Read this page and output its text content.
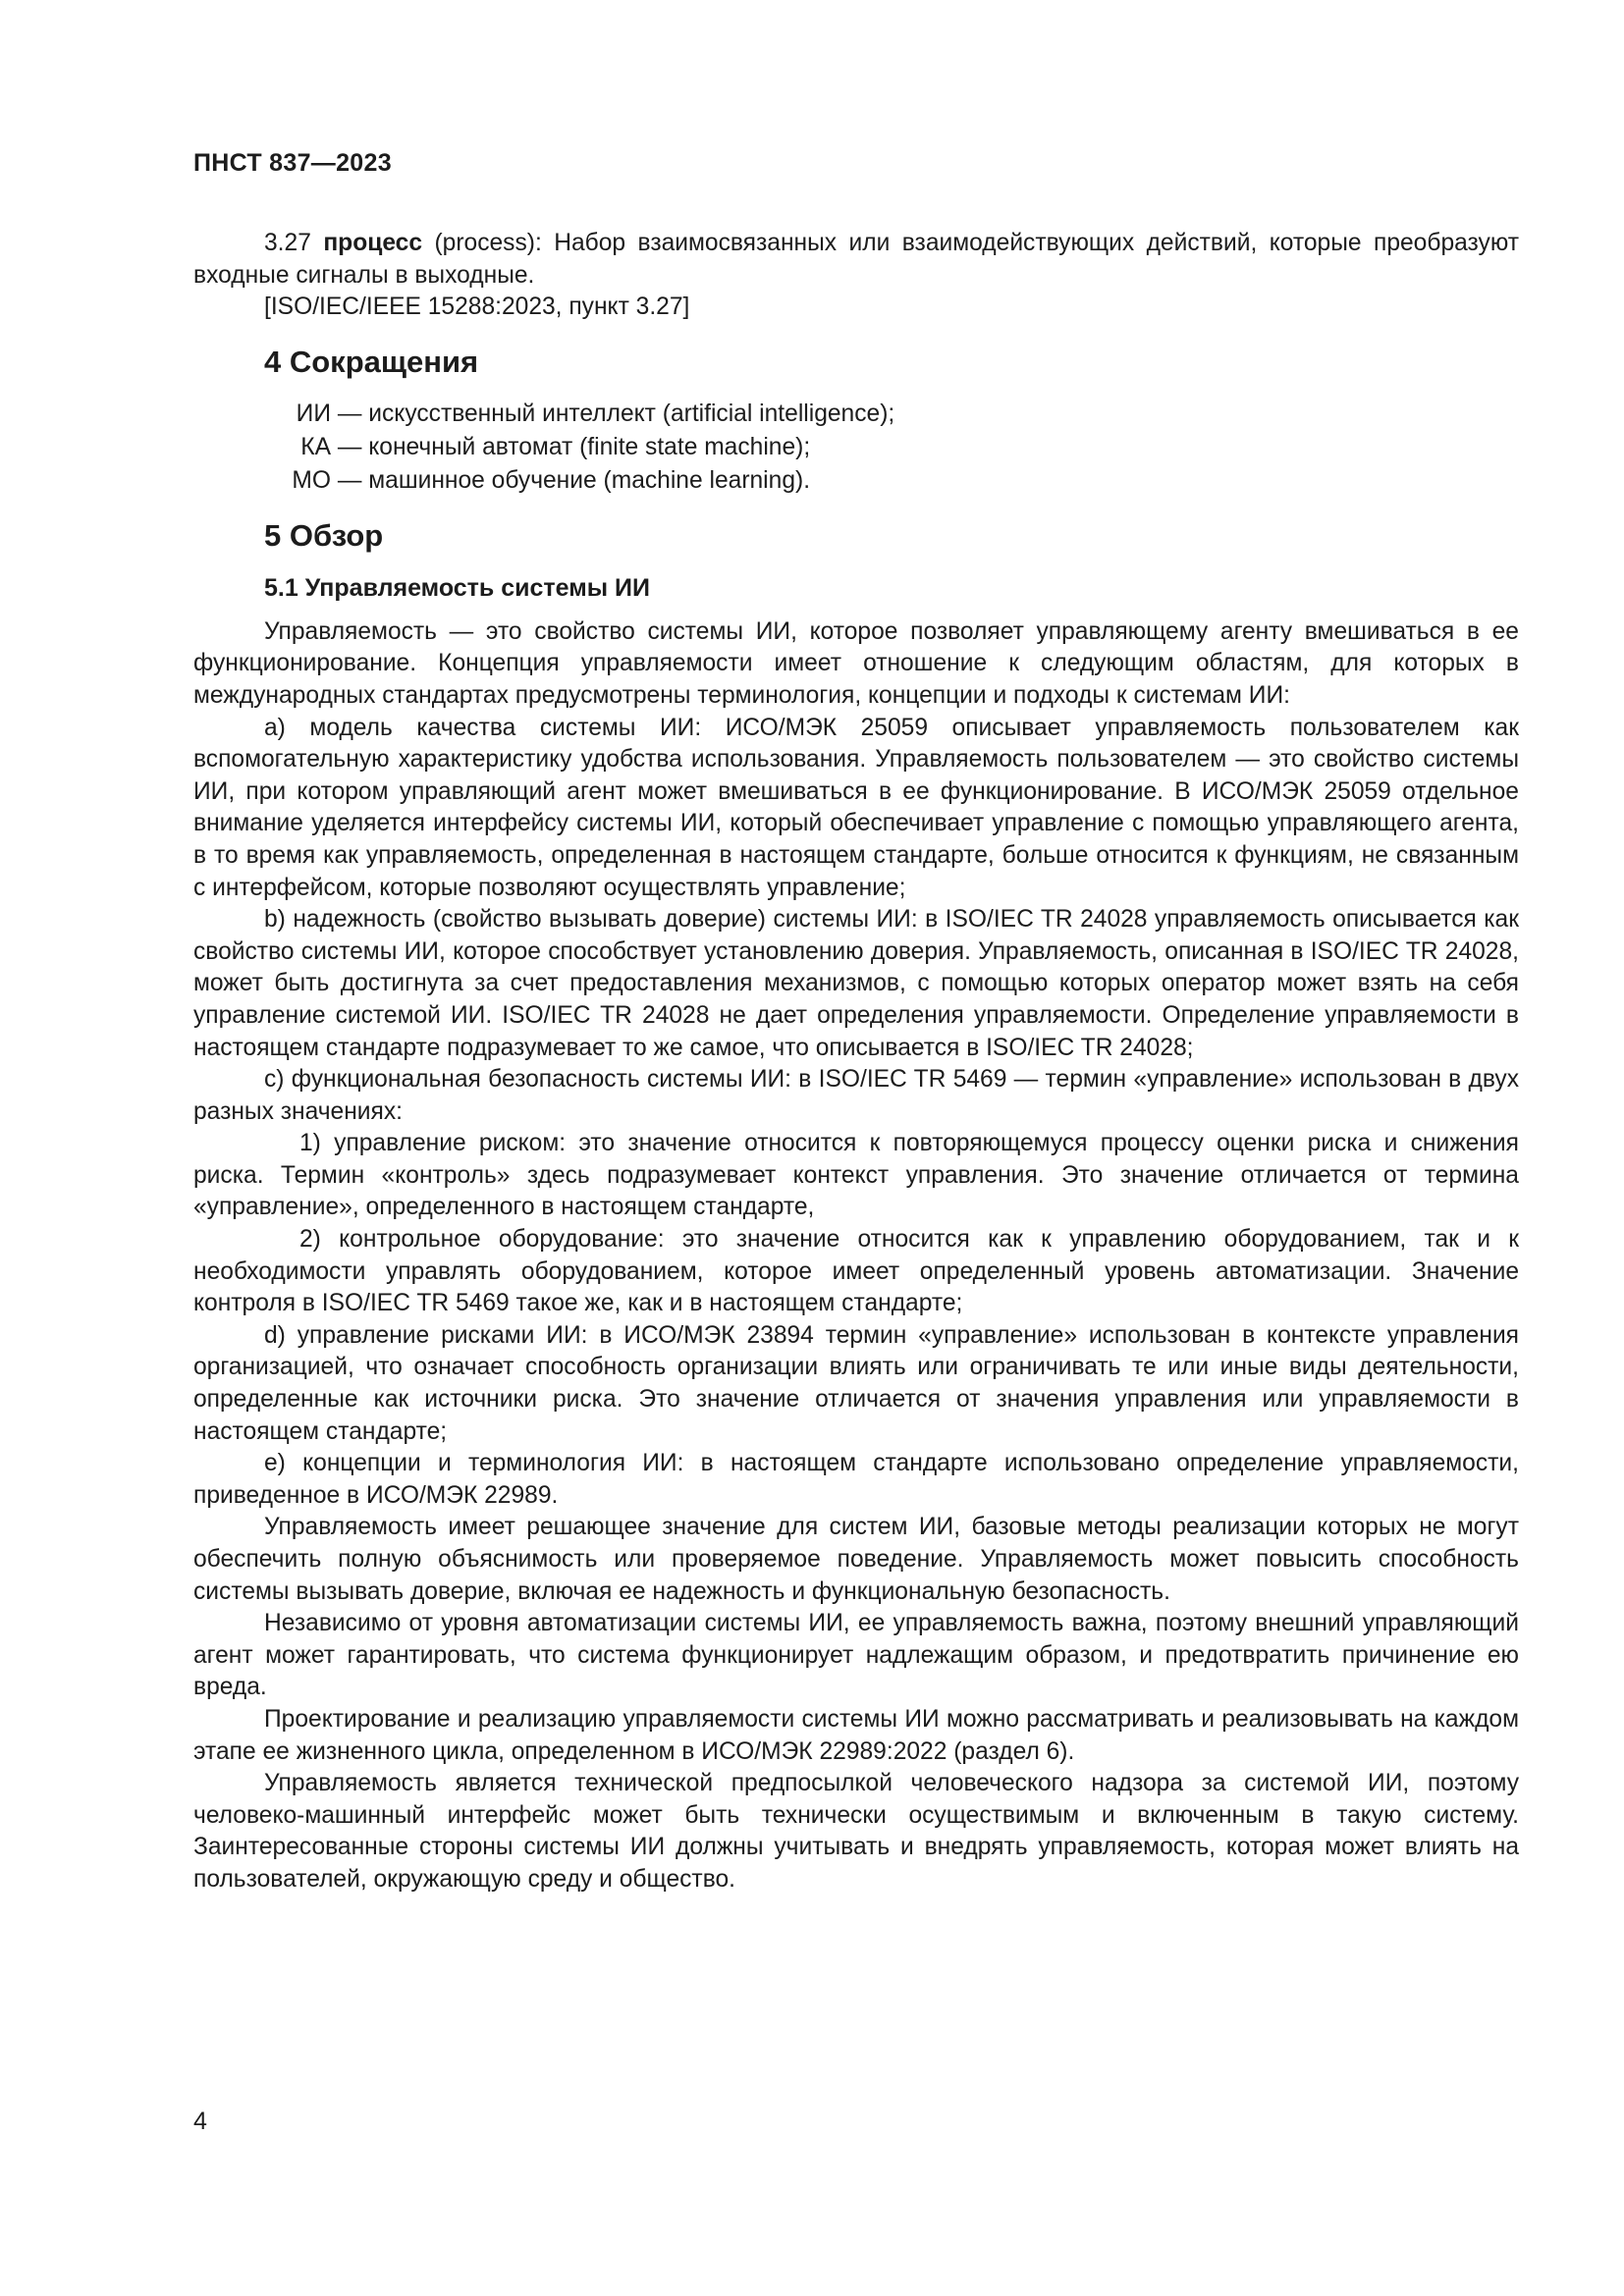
ПНСТ 837—2023

3.27 процесс (process): Набор взаимосвязанных или взаимодействующих действий, которые преобразуют входные сигналы в выходные.

[ISO/IEC/IEEE 15288:2023, пункт 3.27]

4 Сокращения
ИИ — искусственный интеллект (artificial intelligence);
КА — конечный автомат (finite state machine);
МО — машинное обучение (machine learning).
5 Обзор
5.1 Управляемость системы ИИ

Управляемость — это свойство системы ИИ, которое позволяет управляющему агенту вмешиваться в ее функционирование. Концепция управляемости имеет отношение к следующим областям, для которых в международных стандартах предусмотрены терминология, концепции и подходы к системам ИИ:

a) модель качества системы ИИ: ИСО/МЭК 25059 описывает управляемость пользователем как вспомогательную характеристику удобства использования. Управляемость пользователем — это свойство системы ИИ, при котором управляющий агент может вмешиваться в ее функционирование. В ИСО/МЭК 25059 отдельное внимание уделяется интерфейсу системы ИИ, который обеспечивает управление с помощью управляющего агента, в то время как управляемость, определенная в настоящем стандарте, больше относится к функциям, не связанным с интерфейсом, которые позволяют осуществлять управление;

b) надежность (свойство вызывать доверие) системы ИИ: в ISO/IEC TR 24028 управляемость описывается как свойство системы ИИ, которое способствует установлению доверия. Управляемость, описанная в ISO/IEC TR 24028, может быть достигнута за счет предоставления механизмов, с помощью которых оператор может взять на себя управление системой ИИ. ISO/IEC TR 24028 не дает определения управляемости. Определение управляемости в настоящем стандарте подразумевает то же самое, что описывается в ISO/IEC TR 24028;

c) функциональная безопасность системы ИИ: в ISO/IEC TR 5469 — термин «управление» использован в двух разных значениях:

1) управление риском: это значение относится к повторяющемуся процессу оценки риска и снижения риска. Термин «контроль» здесь подразумевает контекст управления. Это значение отличается от термина «управление», определенного в настоящем стандарте,

2) контрольное оборудование: это значение относится как к управлению оборудованием, так и к необходимости управлять оборудованием, которое имеет определенный уровень автоматизации. Значение контроля в ISO/IEC TR 5469 такое же, как и в настоящем стандарте;

d) управление рисками ИИ: в ИСО/МЭК 23894 термин «управление» использован в контексте управления организацией, что означает способность организации влиять или ограничивать те или иные виды деятельности, определенные как источники риска. Это значение отличается от значения управления или управляемости в настоящем стандарте;

e) концепции и терминология ИИ: в настоящем стандарте использовано определение управляемости, приведенное в ИСО/МЭК 22989.

Управляемость имеет решающее значение для систем ИИ, базовые методы реализации которых не могут обеспечить полную объяснимость или проверяемое поведение. Управляемость может повысить способность системы вызывать доверие, включая ее надежность и функциональную безопасность.

Независимо от уровня автоматизации системы ИИ, ее управляемость важна, поэтому внешний управляющий агент может гарантировать, что система функционирует надлежащим образом, и предотвратить причинение ею вреда.

Проектирование и реализацию управляемости системы ИИ можно рассматривать и реализовывать на каждом этапе ее жизненного цикла, определенном в ИСО/МЭК 22989:2022 (раздел 6).

Управляемость является технической предпосылкой человеческого надзора за системой ИИ, поэтому человеко-машинный интерфейс может быть технически осуществимым и включенным в такую систему. Заинтересованные стороны системы ИИ должны учитывать и внедрять управляемость, которая может влиять на пользователей, окружающую среду и общество.

4
